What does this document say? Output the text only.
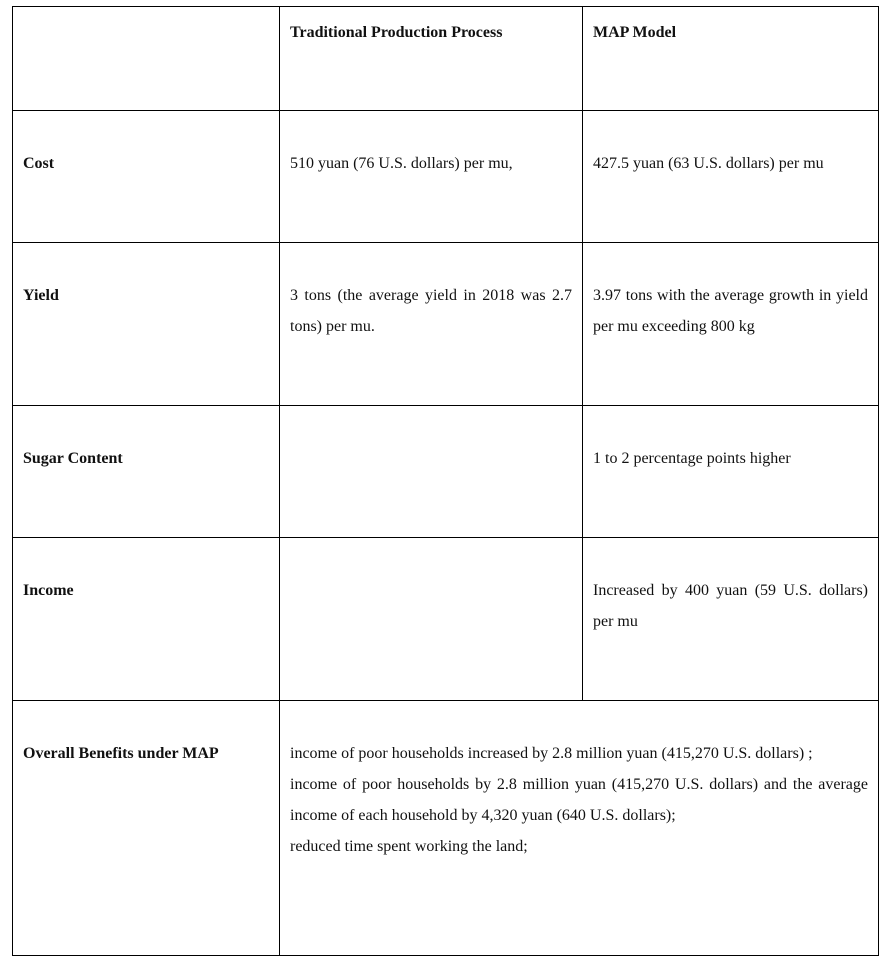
	Traditional Production Process	MAP Model
Cost	510 yuan (76 U.S. dollars) per mu,	427.5 yuan (63 U.S. dollars) per mu
Yield	3 tons (the average yield in 2018 was 2.7 tons) per mu.	3.97 tons with the average growth in yield per mu exceeding 800 kg
Sugar Content		1 to 2 percentage points higher
Income		Increased by 400 yuan (59 U.S. dollars) per mu
Overall Benefits under MAP	income of poor households increased by 2.8 million yuan (415,270 U.S. dollars) ;
income of poor households by 2.8 million yuan (415,270 U.S. dollars) and the average income of each household by 4,320 yuan (640 U.S. dollars);
reduced time spent working the land;	
